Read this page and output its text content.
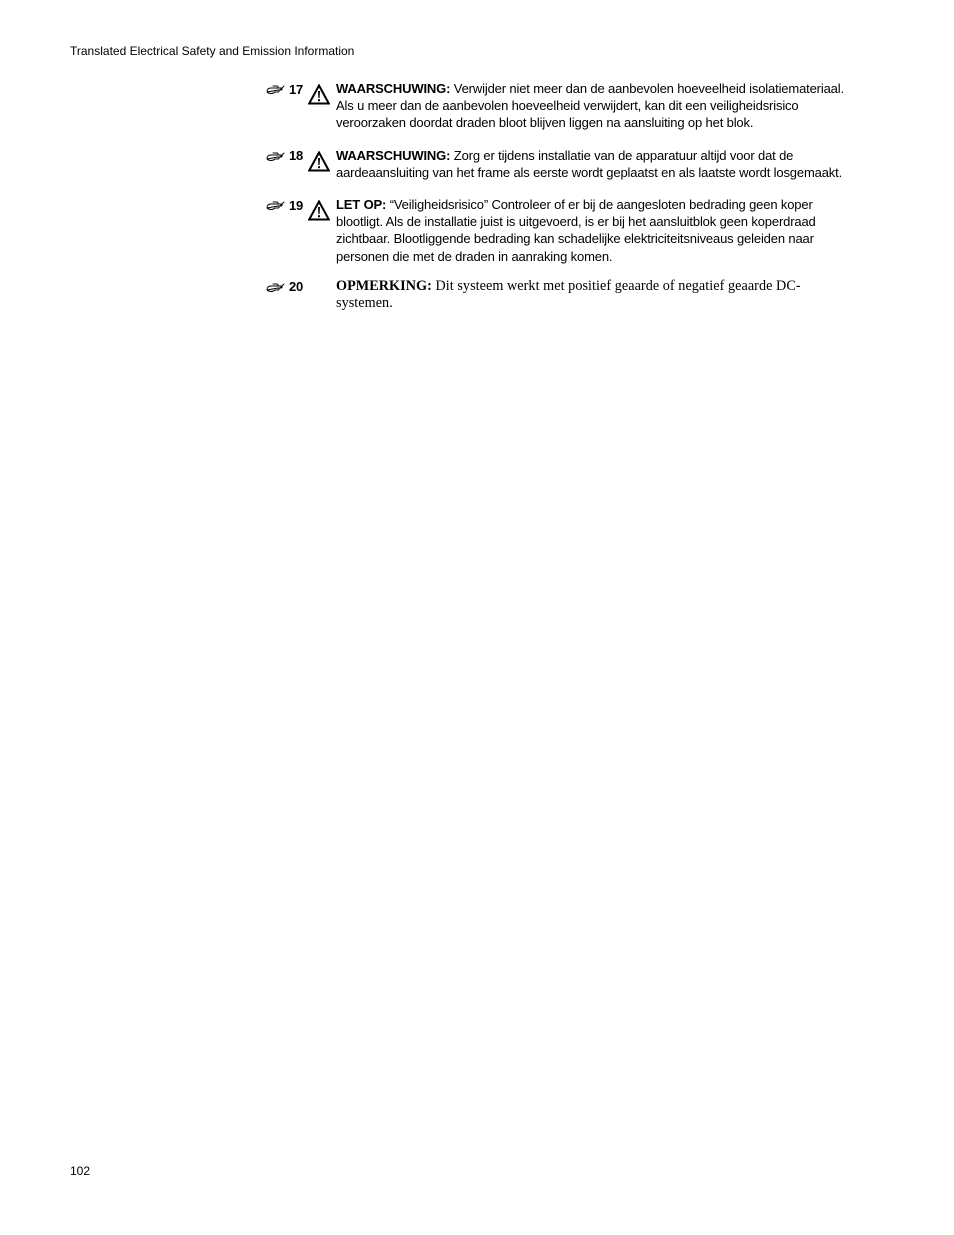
Translated Electrical Safety and Emission Information
17	WAARSCHUWING: Verwijder niet meer dan de aanbevolen hoeveelheid isolatiemateriaal. Als u meer dan de aanbevolen hoeveelheid verwijdert, kan dit een veiligheidsrisico veroorzaken doordat draden bloot blijven liggen na aansluiting op het blok.
18	WAARSCHUWING: Zorg er tijdens installatie van de apparatuur altijd voor dat de aardeaansluiting van het frame als eerste wordt geplaatst en als laatste wordt losgemaakt.
19	LET OP: “Veiligheidsrisico” Controleer of er bij de aangesloten bedrading geen koper blootligt. Als de installatie juist is uitgevoerd, is er bij het aansluitblok geen koperdraad zichtbaar. Blootliggende bedrading kan schadelijke elektriciteitsniveaus geleiden naar personen die met de draden in aanraking komen.
20 OPMERKING: Dit systeem werkt met positief geaarde of negatief geaarde DC-systemen.
102
